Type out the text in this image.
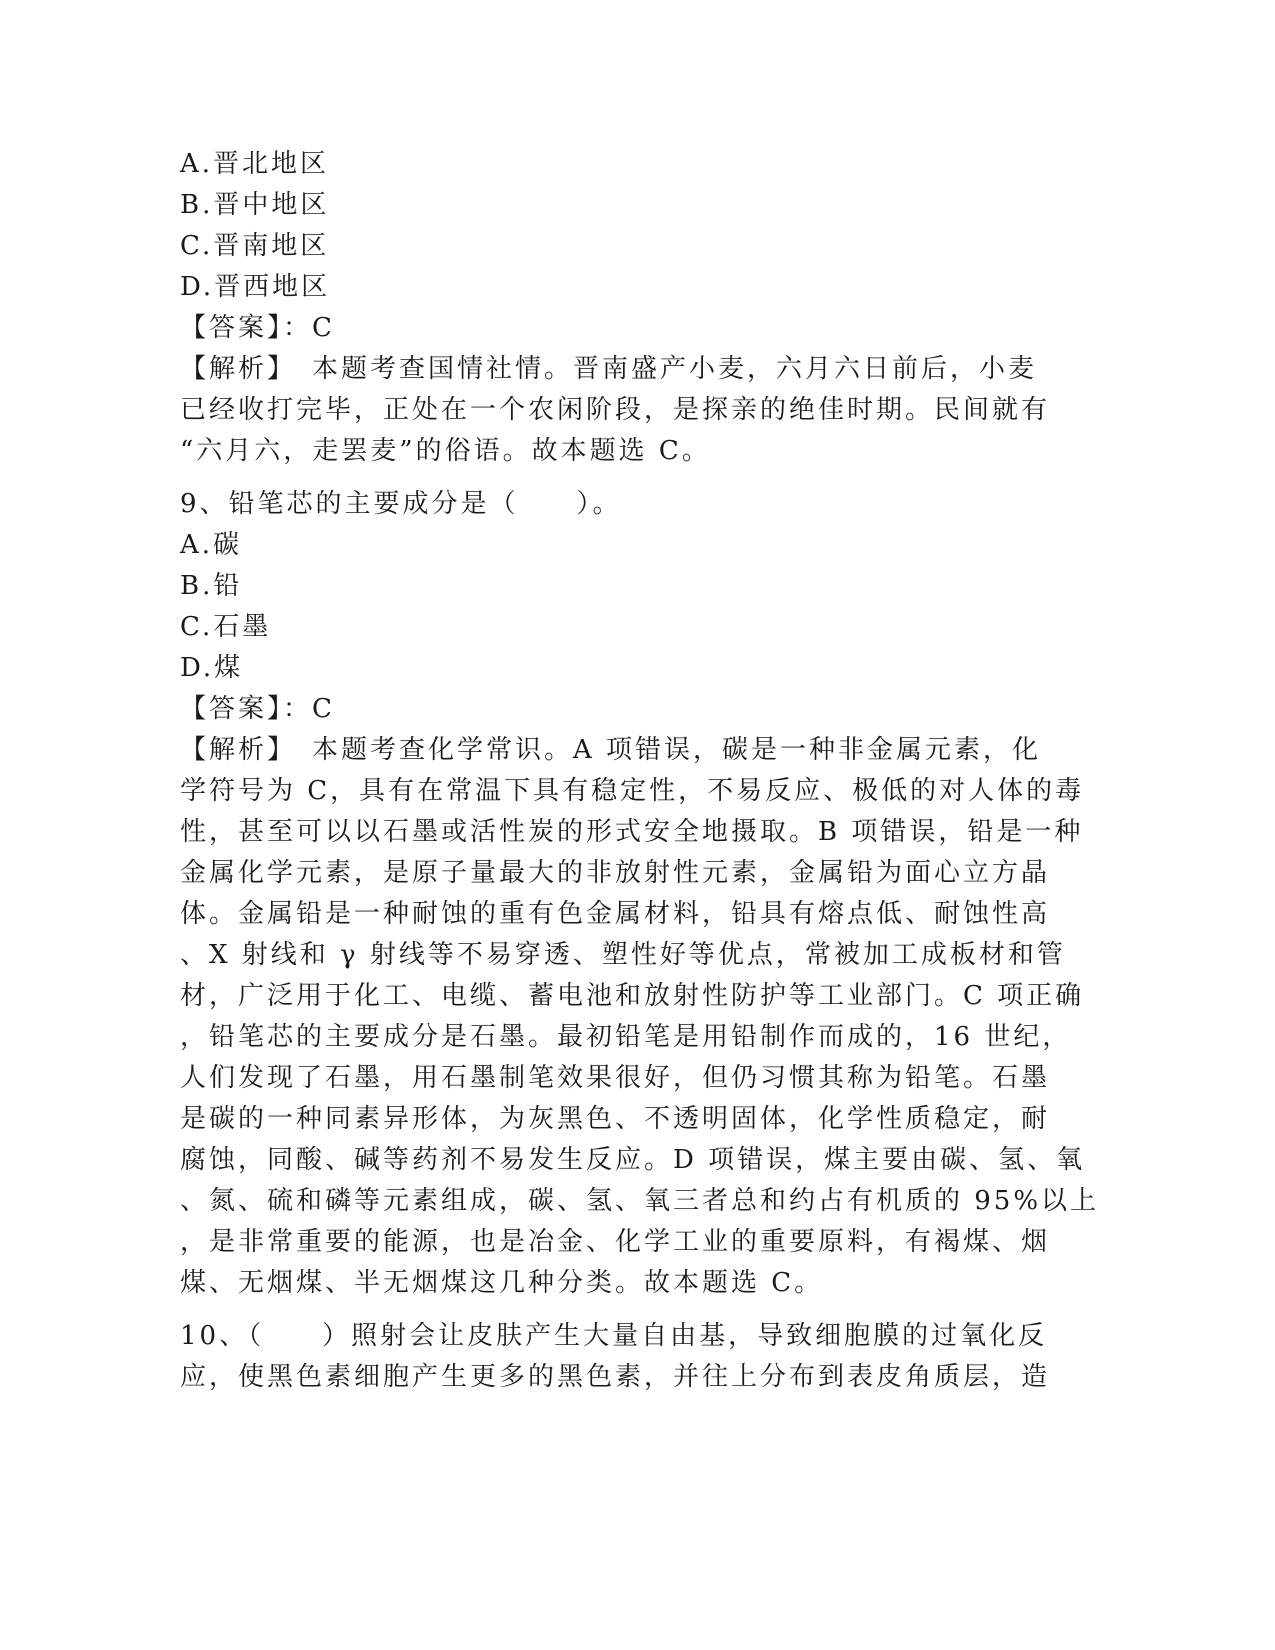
A.晋北地区
B.晋中地区
C.晋南地区
D.晋西地区
【答案】：C
【解析】　本题考查国情社情。晋南盛产小麦，六月六日前后，小麦
已经收打完毕，正处在一个农闲阶段，是探亲的绝佳时期。民间就有
“六月六，走罢麦”的俗语。故本题选 C。
9、铅笔芯的主要成分是（　　）。
A.碳
B.铅
C.石墨
D.煤
【答案】：C
【解析】　本题考查化学常识。A 项错误，碳是一种非金属元素，化
学符号为 C，具有在常温下具有稳定性，不易反应、极低的对人体的毒
性，甚至可以以石墨或活性炭的形式安全地摄取。B 项错误，铅是一种
金属化学元素，是原子量最大的非放射性元素，金属铅为面心立方晶
体。金属铅是一种耐蚀的重有色金属材料，铅具有熔点低、耐蚀性高
、X 射线和 γ 射线等不易穿透、塑性好等优点，常被加工成板材和管
材，广泛用于化工、电缆、蓄电池和放射性防护等工业部门。C 项正确
，铅笔芯的主要成分是石墨。最初铅笔是用铅制作而成的，16 世纪，
人们发现了石墨，用石墨制笔效果很好，但仍习惯其称为铅笔。石墨
是碳的一种同素异形体，为灰黑色、不透明固体，化学性质稳定，耐
腐蚀，同酸、碱等药剂不易发生反应。D 项错误，煤主要由碳、氢、氧
、氮、硫和磷等元素组成，碳、氢、氧三者总和约占有机质的 95%以上
，是非常重要的能源，也是冶金、化学工业的重要原料，有褐煤、烟
煤、无烟煤、半无烟煤这几种分类。故本题选 C。
10、（　　）照射会让皮肤产生大量自由基，导致细胞膜的过氧化反
应，使黑色素细胞产生更多的黑色素，并往上分布到表皮角质层，造
